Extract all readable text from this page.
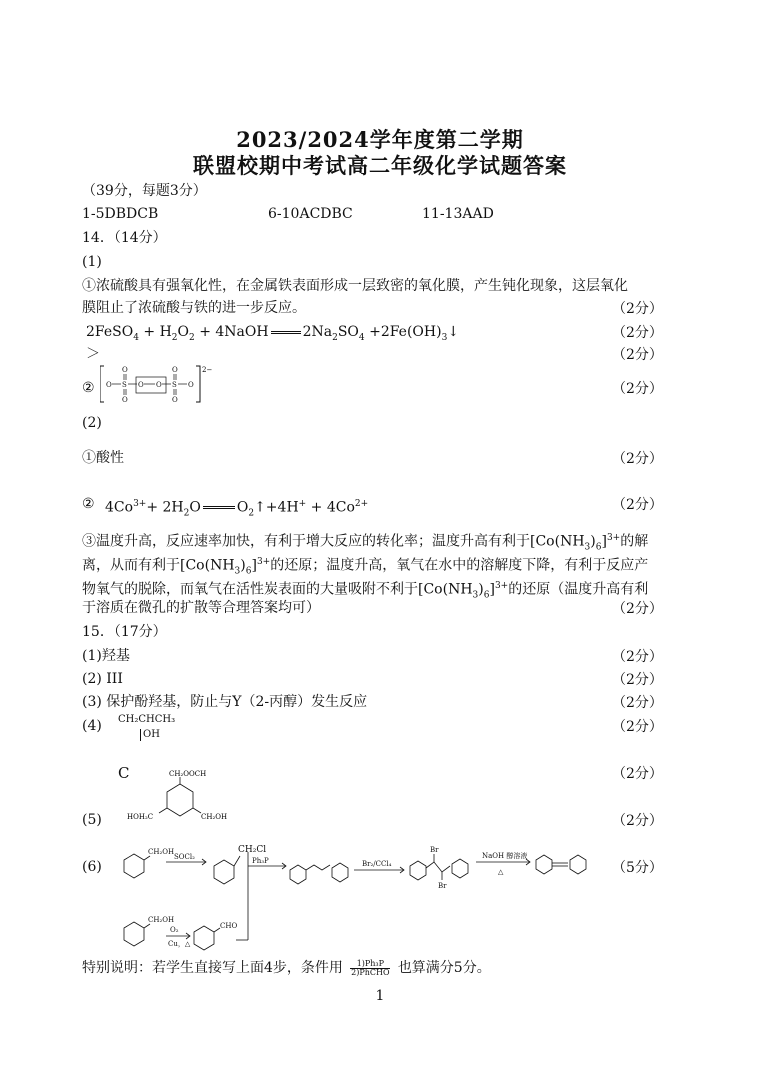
2023/2024学年度第二学期
联盟校期中考试高二年级化学试题答案
（39分，每题3分）
1-5DBDCB	6-10ACDBC	11-13AAD
14．（14分）
(1)
①浓硫酸具有强氧化性，在金属铁表面形成一层致密的氧化膜，产生钝化现象，这层氧化
膜阻止了浓硫酸与铁的进一步反应。	（2分）
2FeSO$_4$ + $H_2O_2$ + 4NaOH $2Na_2SO_4$ $+2Fe(OH)_3↓$	（2分）
＞	（2分）
②
2−
O S
O
O
O O S
O
O
O	（2分）
(2)
①酸性	（2分）
② $4Co^{3+}+ 2H_2O$	$O_2↑+4H^+ + 4Co^{2+}$	（2分）
③温度升高，反应速率加快，有利于增大反应的转化率；温度升高有利于$[Co(NH_3)_6]^{3+}$的解
离，从而有利于$[Co(NH_3)_6]^{3+}$的还原；温度升高，氧气在水中的溶解度下降，有利于反应产
物氧气的脱除，而氧气在活性炭表面的大量吸附不利于$[Co(NH_3)_6]^{3+}$的还原（温度升高有利
于溶质在微孔的扩散等合理答案均可）	（2分）
15．（17分）
(1)羟基	（2分）
(2) III	（2分）
(3) 保护酚羟基，防止与Y（2-丙醇）发生反应	（2分）
(4) CH₂CHCH₃
OH	（2分）
C	CH₂OOCH
HOH₂C	CH₂OH
（2分）
(5)	（2分）
(6)	（5分）
CH₂OH
SOCl₂
CH₂Cl
Ph₃P	Br₂/CCl₄
Br
Br
NaOH 醇溶液
△
CH₂OH
O₂
Cu，△
CHO
特别说明：若学生直接写上面4步，条件用	1)Ph₃P
2)PhCHO 也算满分5分。
1
